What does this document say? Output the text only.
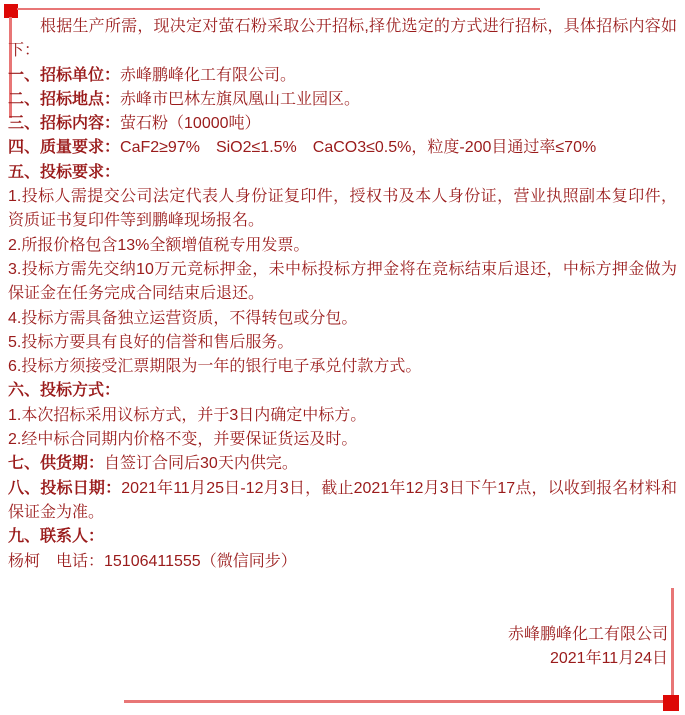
根据生产所需，现决定对萤石粉采取公开招标,择优选定的方式进行招标，具体招标内容如下：

一、招标单位：赤峰鹏峰化工有限公司。

二、招标地点：赤峰市巴林左旗凤凰山工业园区。

三、招标内容：萤石粉（10000吨）

四、质量要求：CaF2≥97%　SiO2≤1.5%　CaCO3≤0.5%，粒度-200目通过率≤70%

五、投标要求：

1.投标人需提交公司法定代表人身份证复印件，授权书及本人身份证，营业执照副本复印件，资质证书复印件等到鹏峰现场报名。

2.所报价格包含13%全额增值税专用发票。

3.投标方需先交纳10万元竞标押金，未中标投标方押金将在竞标结束后退还，中标方押金做为保证金在任务完成合同结束后退还。

4.投标方需具备独立运营资质，不得转包或分包。

5.投标方要具有良好的信誉和售后服务。

6.投标方须接受汇票期限为一年的银行电子承兑付款方式。

六、投标方式：

1.本次招标采用议标方式，并于3日内确定中标方。

2.经中标合同期内价格不变，并要保证货运及时。

七、供货期：自签订合同后30天内供完。

八、投标日期：2021年11月25日-12月3日，截止2021年12月3日下午17点，以收到报名材料和保证金为准。

九、联系人：

杨柯　电话：15106411555（微信同步）

赤峰鹏峰化工有限公司

2021年11月24日
